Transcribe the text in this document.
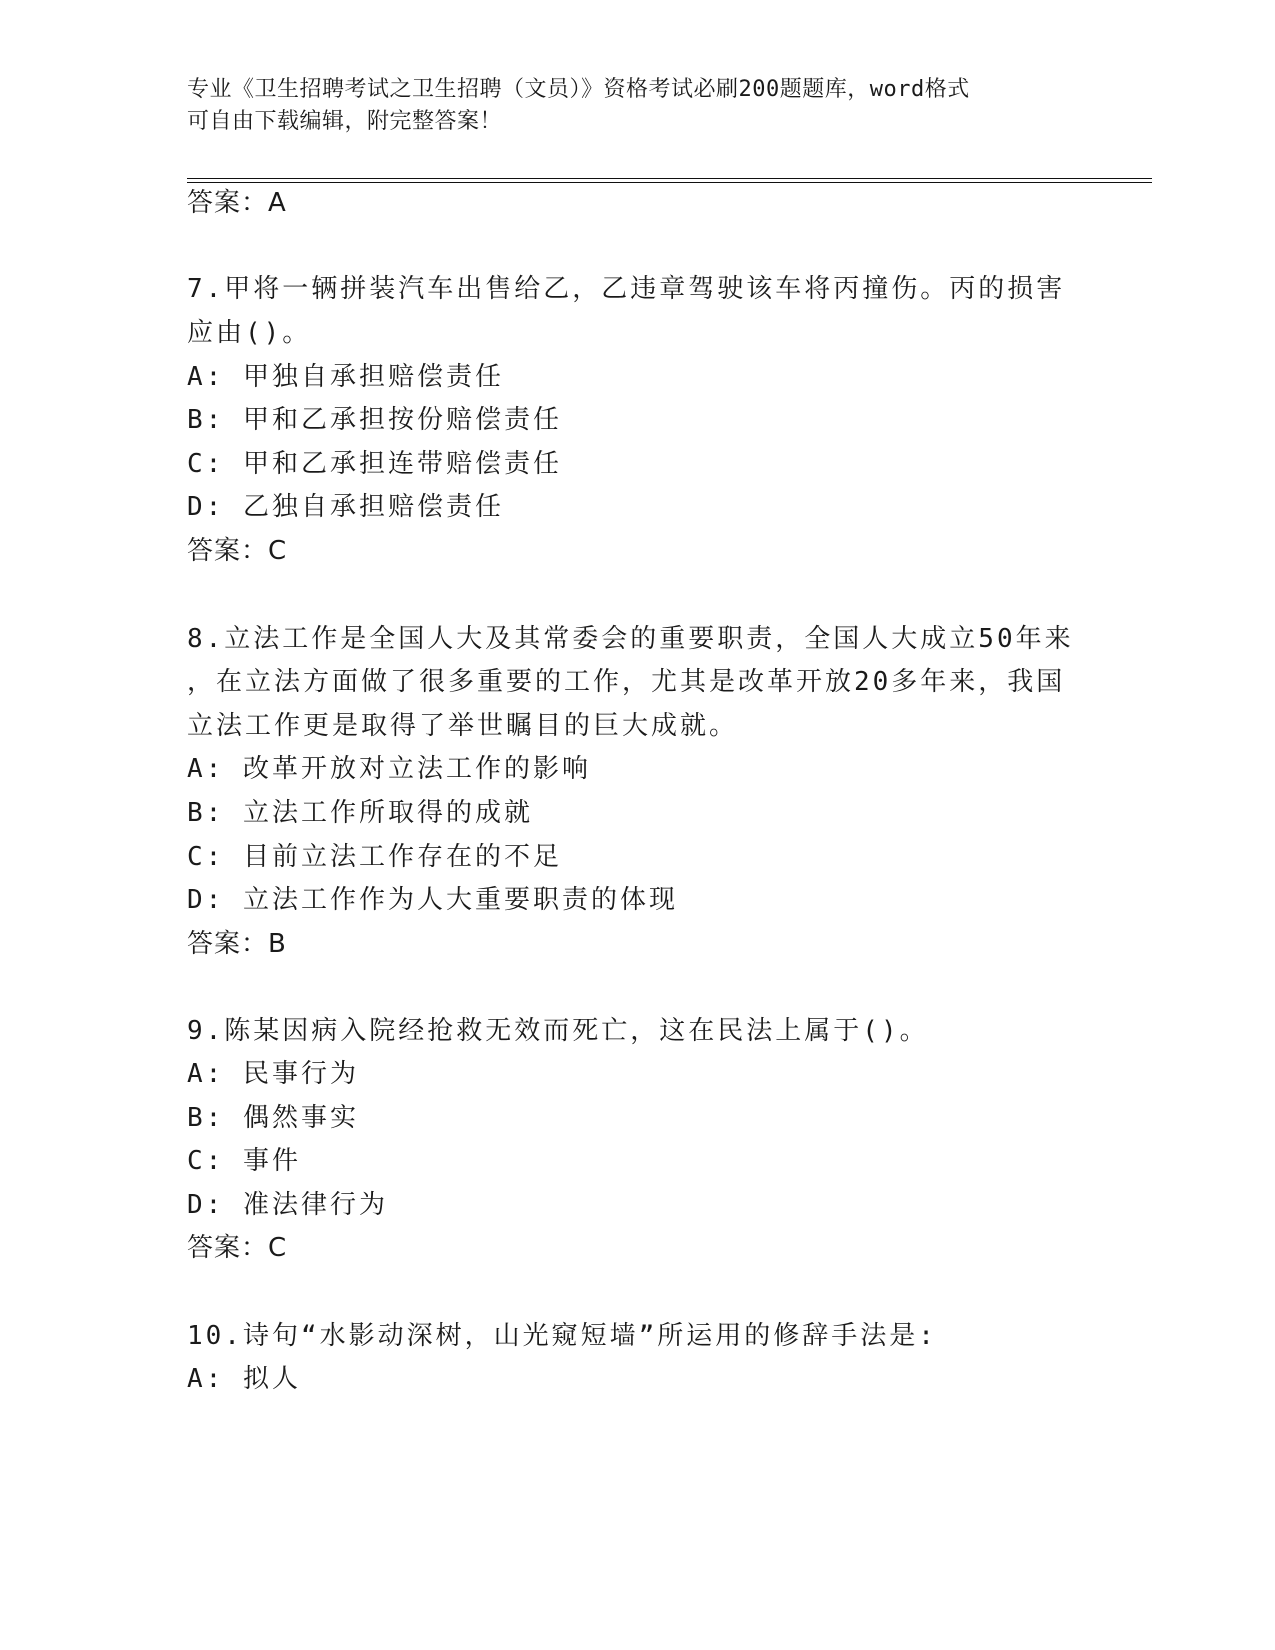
专业《卫生招聘考试之卫生招聘（文员）》资格考试必刷200题题库，word格式
可自由下载编辑，附完整答案！
答案：A
7.甲将一辆拼装汽车出售给乙，乙违章驾驶该车将丙撞伤。丙的损害
应由()。
A: 甲独自承担赔偿责任
B: 甲和乙承担按份赔偿责任
C: 甲和乙承担连带赔偿责任
D: 乙独自承担赔偿责任
答案：C
8.立法工作是全国人大及其常委会的重要职责，全国人大成立50年来
，在立法方面做了很多重要的工作，尤其是改革开放20多年来，我国
立法工作更是取得了举世瞩目的巨大成就。
A: 改革开放对立法工作的影响
B: 立法工作所取得的成就
C: 目前立法工作存在的不足
D: 立法工作作为人大重要职责的体现
答案：B
9.陈某因病入院经抢救无效而死亡，这在民法上属于()。
A: 民事行为
B: 偶然事实
C: 事件
D: 准法律行为
答案：C
10.诗句“水影动深树，山光窥短墙”所运用的修辞手法是:
A: 拟人
